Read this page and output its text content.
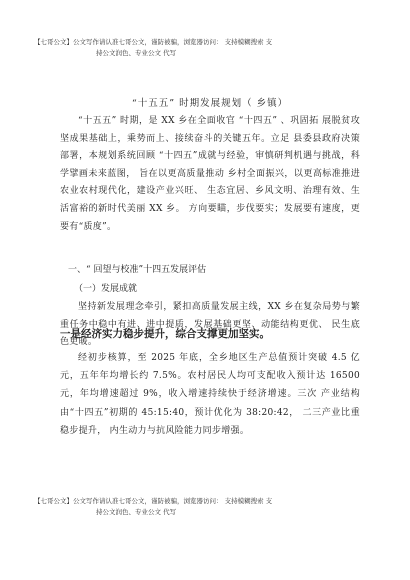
【七哥公文】公文写作请认准七哥公文，谨防被骗，浏览器访问： 支持模糊搜索 支
持公文润色、专业公文 代写
“十五五” 时期发展规划（ 乡镇）

“十五五” 时期，是 XX 乡在全面收官 “十四五” 、巩固拓 展脱贫攻坚成果基础上，乘势而上、接续奋斗的关键五年。立足 县委县政府决策部署，本规划系统回顾 “十四五”成就与经验，审慎研判机遇与挑战，科学擘画未来蓝图， 旨在以更高质量推动 乡村全面振兴，以更高标准推进农业农村现代化，建设产业兴旺、 生态宜居、乡风文明、治理有效、生活富裕的新时代美丽 XX 乡。 方向要瞄，步伐要实；发展要有速度，更要有“质度”。

一、“ 回望与校准”十四五发展评估
（一）发展成就

坚持新发展理念牵引，紧扣高质量发展主线，XX 乡在复杂局势与繁重任务中稳中有进、进中提质，发展基础更坚、动能结构更优、 民生底色更暖。

一是经济实力稳步提升，综合支撑更加坚实。

经初步核算，至 2025 年底，全乡地区生产总值预计突破 4.5 亿元，五年年均增长约 7.5%。农村居民人均可支配收入预计达 16500 元，年均增速超过 9%，收入增速持续快于经济增速。三次 产业结构由“十四五”初期的 45:15:40，预计优化为 38:20:42， 二三产业比重稳步提升， 内生动力与抗风险能力同步增强。

【七哥公文】公文写作请认准七哥公文，谨防被骗，浏览器访问： 支持模糊搜索 支
持公文润色、专业公文 代写
